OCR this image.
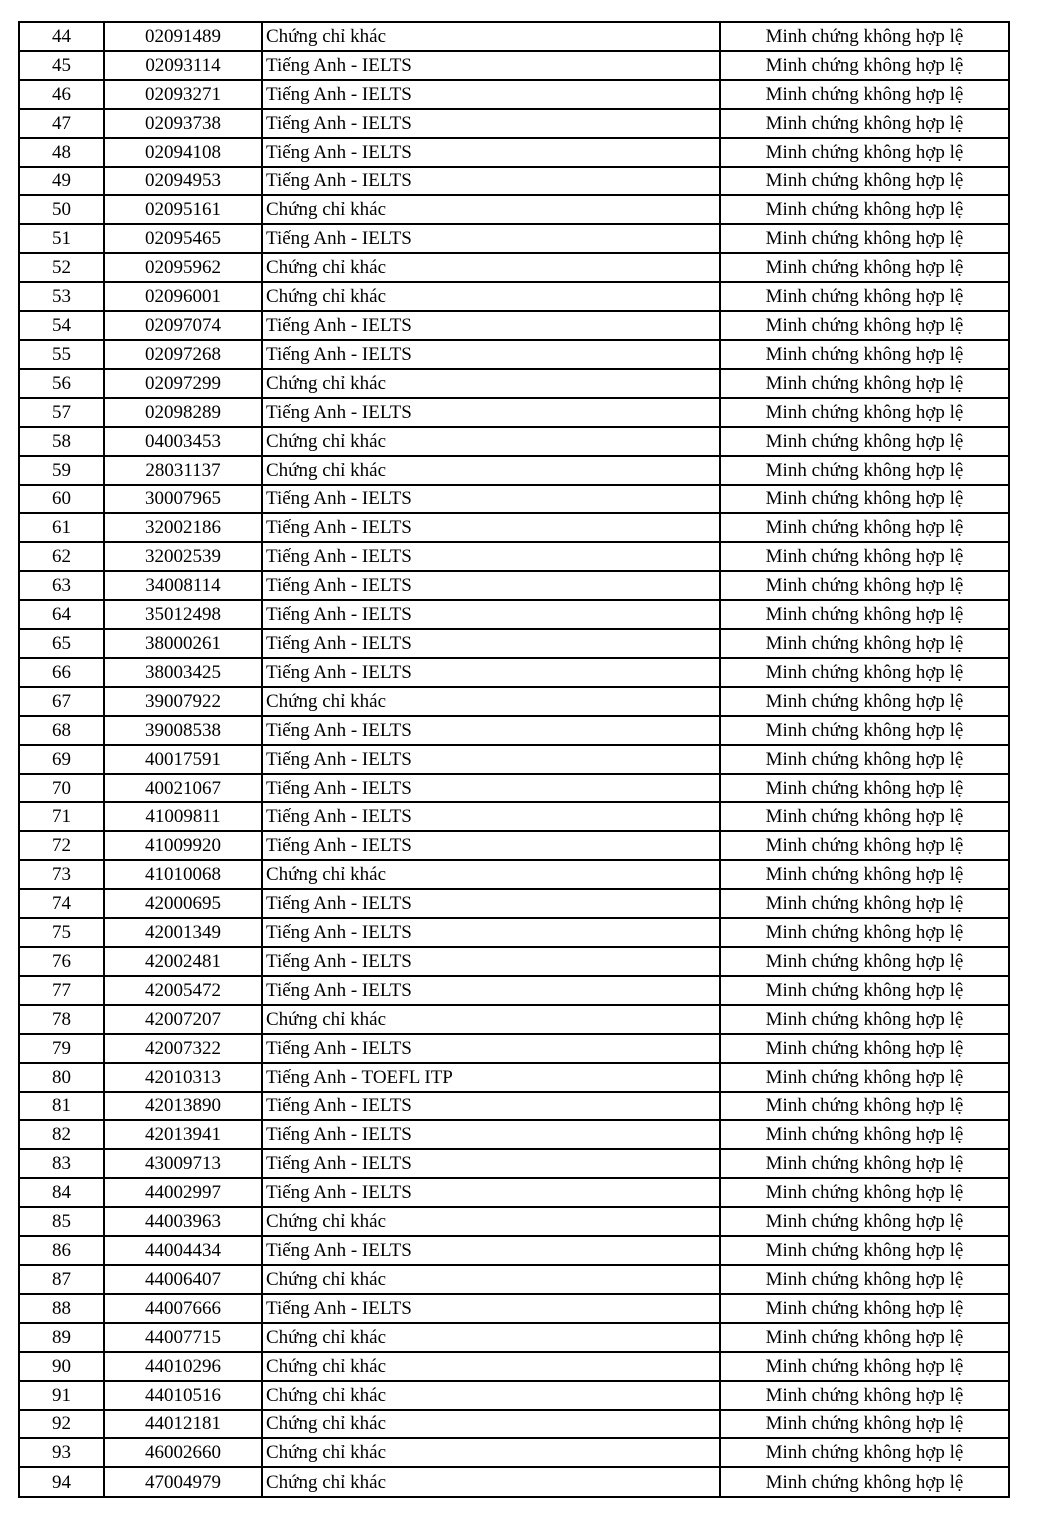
44	02091489	Chứng chỉ khác	Minh chứng không hợp lệ
45	02093114	Tiếng Anh - IELTS	Minh chứng không hợp lệ
46	02093271	Tiếng Anh - IELTS	Minh chứng không hợp lệ
47	02093738	Tiếng Anh - IELTS	Minh chứng không hợp lệ
48	02094108	Tiếng Anh - IELTS	Minh chứng không hợp lệ
49	02094953	Tiếng Anh - IELTS	Minh chứng không hợp lệ
50	02095161	Chứng chỉ khác	Minh chứng không hợp lệ
51	02095465	Tiếng Anh - IELTS	Minh chứng không hợp lệ
52	02095962	Chứng chỉ khác	Minh chứng không hợp lệ
53	02096001	Chứng chỉ khác	Minh chứng không hợp lệ
54	02097074	Tiếng Anh - IELTS	Minh chứng không hợp lệ
55	02097268	Tiếng Anh - IELTS	Minh chứng không hợp lệ
56	02097299	Chứng chỉ khác	Minh chứng không hợp lệ
57	02098289	Tiếng Anh - IELTS	Minh chứng không hợp lệ
58	04003453	Chứng chỉ khác	Minh chứng không hợp lệ
59	28031137	Chứng chỉ khác	Minh chứng không hợp lệ
60	30007965	Tiếng Anh - IELTS	Minh chứng không hợp lệ
61	32002186	Tiếng Anh - IELTS	Minh chứng không hợp lệ
62	32002539	Tiếng Anh - IELTS	Minh chứng không hợp lệ
63	34008114	Tiếng Anh - IELTS	Minh chứng không hợp lệ
64	35012498	Tiếng Anh - IELTS	Minh chứng không hợp lệ
65	38000261	Tiếng Anh - IELTS	Minh chứng không hợp lệ
66	38003425	Tiếng Anh - IELTS	Minh chứng không hợp lệ
67	39007922	Chứng chỉ khác	Minh chứng không hợp lệ
68	39008538	Tiếng Anh - IELTS	Minh chứng không hợp lệ
69	40017591	Tiếng Anh - IELTS	Minh chứng không hợp lệ
70	40021067	Tiếng Anh - IELTS	Minh chứng không hợp lệ
71	41009811	Tiếng Anh - IELTS	Minh chứng không hợp lệ
72	41009920	Tiếng Anh - IELTS	Minh chứng không hợp lệ
73	41010068	Chứng chỉ khác	Minh chứng không hợp lệ
74	42000695	Tiếng Anh - IELTS	Minh chứng không hợp lệ
75	42001349	Tiếng Anh - IELTS	Minh chứng không hợp lệ
76	42002481	Tiếng Anh - IELTS	Minh chứng không hợp lệ
77	42005472	Tiếng Anh - IELTS	Minh chứng không hợp lệ
78	42007207	Chứng chỉ khác	Minh chứng không hợp lệ
79	42007322	Tiếng Anh - IELTS	Minh chứng không hợp lệ
80	42010313	Tiếng Anh - TOEFL ITP	Minh chứng không hợp lệ
81	42013890	Tiếng Anh - IELTS	Minh chứng không hợp lệ
82	42013941	Tiếng Anh - IELTS	Minh chứng không hợp lệ
83	43009713	Tiếng Anh - IELTS	Minh chứng không hợp lệ
84	44002997	Tiếng Anh - IELTS	Minh chứng không hợp lệ
85	44003963	Chứng chỉ khác	Minh chứng không hợp lệ
86	44004434	Tiếng Anh - IELTS	Minh chứng không hợp lệ
87	44006407	Chứng chỉ khác	Minh chứng không hợp lệ
88	44007666	Tiếng Anh - IELTS	Minh chứng không hợp lệ
89	44007715	Chứng chỉ khác	Minh chứng không hợp lệ
90	44010296	Chứng chỉ khác	Minh chứng không hợp lệ
91	44010516	Chứng chỉ khác	Minh chứng không hợp lệ
92	44012181	Chứng chỉ khác	Minh chứng không hợp lệ
93	46002660	Chứng chỉ khác	Minh chứng không hợp lệ
94	47004979	Chứng chỉ khác	Minh chứng không hợp lệ
